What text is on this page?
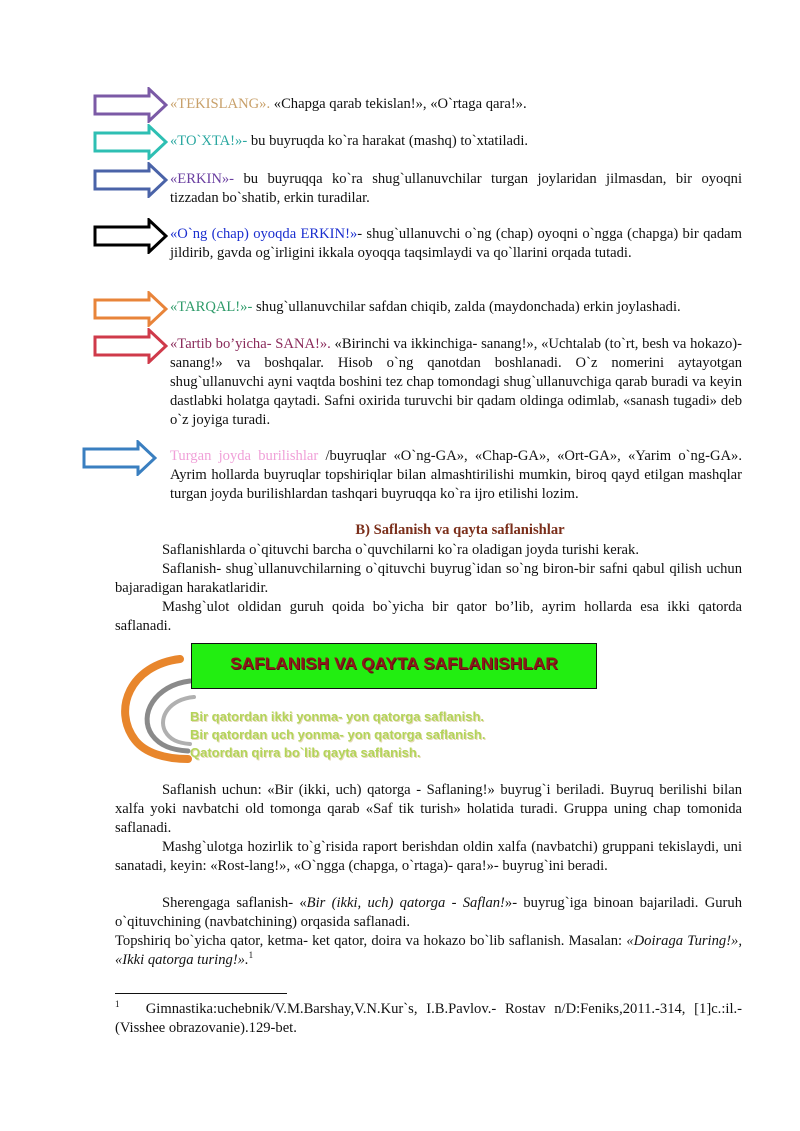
«TEKISLANG». «Chapga qarab tekislan!», «O`rtaga qara!».

«TO`XTA!»- bu buyruqda ko`ra harakat (mashq) to`xtatiladi.

«ERKIN»- bu buyruqqa ko`ra shug`ullanuvchilar turgan joylaridan jilmasdan, bir oyoqni tizzadan bo`shatib, erkin turadilar.

«O`ng (chap) oyoqda ERKIN!»- shug`ullanuvchi o`ng (chap) oyoqni o`ngga (chapga) bir qadam jildirib, gavda og`irligini ikkala oyoqqa taqsimlaydi va qo`llarini orqada tutadi.

«TARQAL!»- shug`ullanuvchilar safdan chiqib, zalda (maydonchada) erkin joylashadi.

«Tartib bo’yicha- SANA!». «Birinchi va ikkinchiga- sanang!», «Uchtalab (to`rt, besh va hokazo)- sanang!» va boshqalar. Hisob o`ng qanotdan boshlanadi. O`z nomerini aytayotgan shug`ullanuvchi ayni vaqtda boshini tez chap tomondagi shug`ullanuvchiga qarab buradi va keyin dastlabki holatga qaytadi. Safni oxirida turuvchi bir qadam oldinga odimlab, «sanash tugadi» deb o`z joyiga turadi.

Turgan joyda burilishlar /buyruqlar «O`ng-GA», «Chap-GA», «Ort-GA», «Yarim o`ng-GA». Ayrim hollarda buyruqlar topshiriqlar bilan almashtirilishi mumkin, biroq qayd etilgan mashqlar turgan joyda burilishlardan tashqari buyruqqa ko`ra ijro etilishi lozim.

B) Saflanish va qayta saflanishlar

Saflanishlarda o`qituvchi barcha o`quvchilarni ko`ra oladigan joyda turishi kerak.

Saflanish- shug`ullanuvchilarning o`qituvchi buyrug`idan so`ng biron-bir safni qabul qilish uchun bajaradigan harakatlaridir.

Mashg`ulot oldidan guruh qoida bo`yicha bir qator bo’lib, ayrim hollarda esa ikki qatorda saflanadi.

SAFLANISH VA QAYTA SAFLANISHLAR

Bir qatordan ikki yonma- yon qatorga saflanish.

Bir qatordan uch yonma- yon qatorga saflanish.

Qatordan qirra bo`lib qayta saflanish.

Saflanish uchun: «Bir (ikki, uch) qatorga - Saflaning!» buyrug`i beriladi. Buyruq berilishi bilan xalfa yoki navbatchi old tomonga qarab «Saf tik turish» holatida turadi. Gruppa uning chap tomonida saflanadi.

Mashg`ulotga hozirlik to`g`risida raport berishdan oldin xalfa (navbatchi) gruppani tekislaydi, uni sanatadi, keyin: «Rost-lang!», «O`ngga (chapga, o`rtaga)- qara!»- buyrug`ini beradi.

Sherengaga saflanish- «Bir (ikki, uch) qatorga - Saflan!»- buyrug`iga binoan bajariladi. Guruh o`qituvchining (navbatchining) orqasida saflanadi.

Topshiriq bo`yicha qator, ketma- ket qator, doira va hokazo bo`lib saflanish. Masalan: «Doiraga Turing!», «Ikki qatorga turing!».$^1$

$^1$ Gimnastika:uchebnik/V.M.Barshay,V.N.Kur`s, I.B.Pavlov.- Rostav n/D:Feniks,2011.-314, [1]c.:il.- (Visshee obrazovanie).129-bet.
